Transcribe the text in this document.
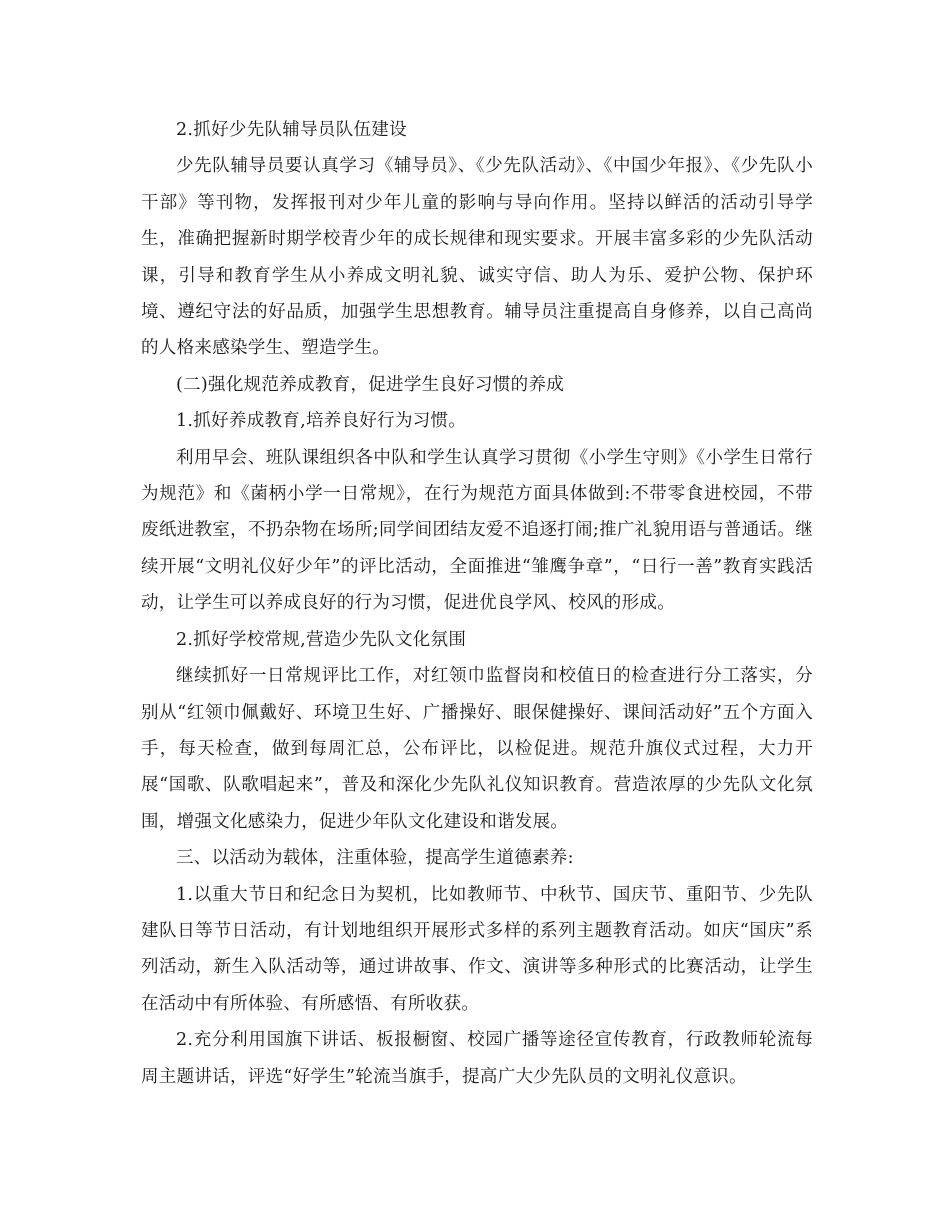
2.抓好少先队辅导员队伍建设

少先队辅导员要认真学习《辅导员》、《少先队活动》、《中国少年报》、《少先队小干部》等刊物，发挥报刊对少年儿童的影响与导向作用。坚持以鲜活的活动引导学生，准确把握新时期学校青少年的成长规律和现实要求。开展丰富多彩的少先队活动课，引导和教育学生从小养成文明礼貌、诚实守信、助人为乐、爱护公物、保护环境、遵纪守法的好品质，加强学生思想教育。辅导员注重提高自身修养，以自己高尚的人格来感染学生、塑造学生。

(二)强化规范养成教育，促进学生良好习惯的养成

1.抓好养成教育,培养良好行为习惯。

利用早会、班队课组织各中队和学生认真学习贯彻《小学生守则》《小学生日常行为规范》和《菌柄小学一日常规》，在行为规范方面具体做到:不带零食进校园，不带废纸进教室，不扔杂物在场所;同学间团结友爱不追逐打闹;推广礼貌用语与普通话。继续开展“文明礼仪好少年”的评比活动，全面推进“雏鹰争章”，“日行一善”教育实践活动，让学生可以养成良好的行为习惯，促进优良学风、校风的形成。

2.抓好学校常规,营造少先队文化氛围

继续抓好一日常规评比工作，对红领巾监督岗和校值日的检查进行分工落实，分别从“红领巾佩戴好、环境卫生好、广播操好、眼保健操好、课间活动好”五个方面入手，每天检查，做到每周汇总，公布评比，以检促进。规范升旗仪式过程，大力开展“国歌、队歌唱起来”，普及和深化少先队礼仪知识教育。营造浓厚的少先队文化氛围，增强文化感染力，促进少年队文化建设和谐发展。

三、以活动为载体，注重体验，提高学生道德素养:

1.以重大节日和纪念日为契机，比如教师节、中秋节、国庆节、重阳节、少先队建队日等节日活动，有计划地组织开展形式多样的系列主题教育活动。如庆“国庆”系列活动，新生入队活动等，通过讲故事、作文、演讲等多种形式的比赛活动，让学生在活动中有所体验、有所感悟、有所收获。

2.充分利用国旗下讲话、板报橱窗、校园广播等途径宣传教育，行政教师轮流每周主题讲话，评选“好学生”轮流当旗手，提高广大少先队员的文明礼仪意识。
